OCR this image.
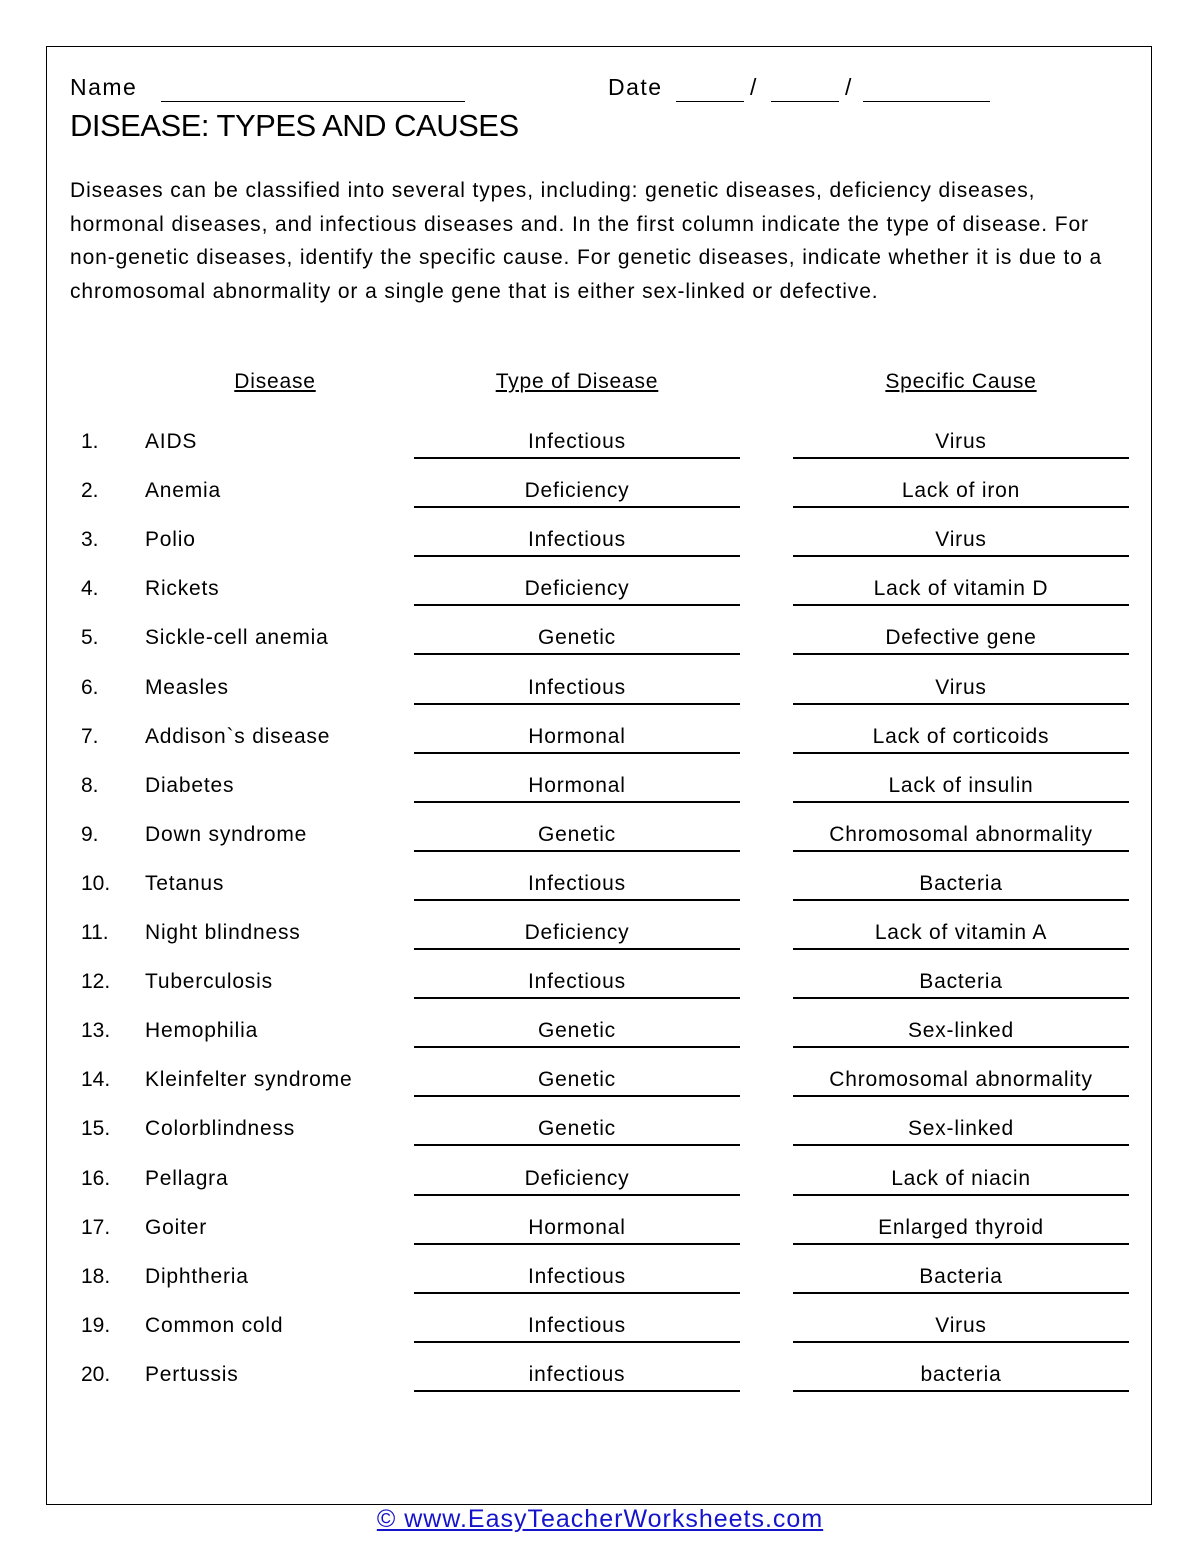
Name	Date	/	/
DISEASE: TYPES AND CAUSES
Diseases can be classified into several types, including: genetic diseases, deficiency diseases, hormonal diseases, and infectious diseases and. In the first column indicate the type of disease. For non-genetic diseases, identify the specific cause. For genetic diseases, indicate whether it is due to a chromosomal abnormality or a single gene that is either sex-linked or defective.
Disease	Type of Disease	Specific Cause
1. AIDS	Infectious	Virus
2. Anemia	Deficiency	Lack of iron
3. Polio	Infectious	Virus
4. Rickets	Deficiency	Lack of vitamin D
5. Sickle-cell anemia	Genetic	Defective gene
6. Measles	Infectious	Virus
7. Addison`s disease	Hormonal	Lack of corticoids
8. Diabetes	Hormonal	Lack of insulin
9. Down syndrome	Genetic	Chromosomal abnormality
10. Tetanus	Infectious	Bacteria
11. Night blindness	Deficiency	Lack of vitamin A
12. Tuberculosis	Infectious	Bacteria
13. Hemophilia	Genetic	Sex-linked
14. Kleinfelter syndrome	Genetic	Chromosomal abnormality
15. Colorblindness	Genetic	Sex-linked
16. Pellagra	Deficiency	Lack of niacin
17. Goiter	Hormonal	Enlarged thyroid
18. Diphtheria	Infectious	Bacteria
19. Common cold	Infectious	Virus
20. Pertussis	infectious	bacteria
© www.EasyTeacherWorksheets.com
